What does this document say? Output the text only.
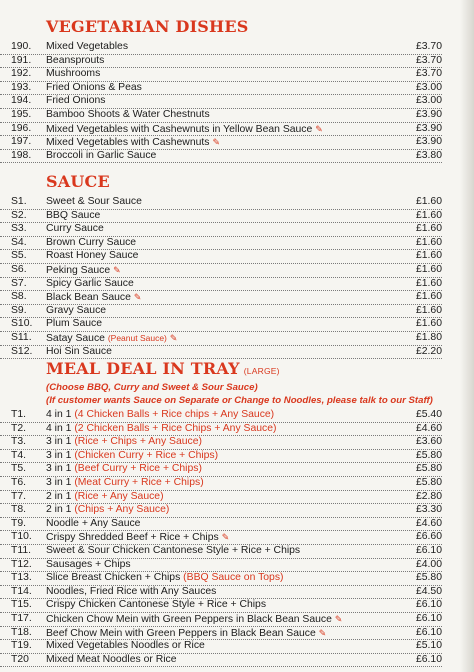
VEGETARIAN DISHES
190. Mixed Vegetables	£3.70
191. Beansprouts	£3.70
192. Mushrooms	£3.70
193. Fried Onions & Peas	£3.00
194. Fried Onions	£3.00
195. Bamboo Shoots & Water Chestnuts	£3.90
196. Mixed Vegetables with Cashewnuts in Yellow Bean Sauce ✎	£3.90
197. Mixed Vegetables with Cashewnuts ✎	£3.90
198. Broccoli in Garlic Sauce	£3.80
SAUCE
S1. Sweet & Sour Sauce	£1.60
S2. BBQ Sauce	£1.60
S3. Curry Sauce	£1.60
S4. Brown Curry Sauce	£1.60
S5. Roast Honey Sauce	£1.60
S6. Peking Sauce ✎	£1.60
S7. Spicy Garlic Sauce	£1.60
S8. Black Bean Sauce ✎	£1.60
S9. Gravy Sauce	£1.60
S10. Plum Sauce	£1.60
S11. Satay Sauce (Peanut Sauce) ✎	£1.80
S12. Hoi Sin Sauce	£2.20
MEAL DEAL IN TRAY (LARGE)
(Choose BBQ, Curry and Sweet & Sour Sauce)
(If customer wants Sauce on Separate or Change to Noodles, please talk to our Staff)
T1. 4 in 1 (4 Chicken Balls + Rice chips + Any Sauce)	£5.40
T2. 4 in 1 (2 Chicken Balls + Rice Chips + Any Sauce)	£4.60
T3. 3 in 1 (Rice + Chips + Any Sauce)	£3.60
T4. 3 in 1 (Chicken Curry + Rice + Chips)	£5.80
T5. 3 in 1 (Beef Curry + Rice + Chips)	£5.80
T6. 3 in 1 (Meat Curry + Rice + Chips)	£5.80
T7. 2 in 1 (Rice + Any Sauce)	£2.80
T8. 2 in 1 (Chips + Any Sauce)	£3.30
T9. Noodle + Any Sauce	£4.60
T10. Crispy Shredded Beef + Rice + Chips ✎	£6.60
T11. Sweet & Sour Chicken Cantonese Style + Rice + Chips	£6.10
T12. Sausages + Chips	£4.00
T13. Slice Breast Chicken + Chips (BBQ Sauce on Tops)	£5.80
T14. Noodles, Fried Rice with Any Sauces	£4.50
T15. Crispy Chicken Cantonese Style + Rice + Chips	£6.10
T17. Chicken Chow Mein with Green Peppers in Black Bean Sauce ✎	£6.10
T18. Beef Chow Mein with Green Peppers in Black Bean Sauce ✎	£6.10
T19. Mixed Vegetables Noodles or Rice	£5.10
T20 Mixed Meat Noodles or Rice	£6.10
